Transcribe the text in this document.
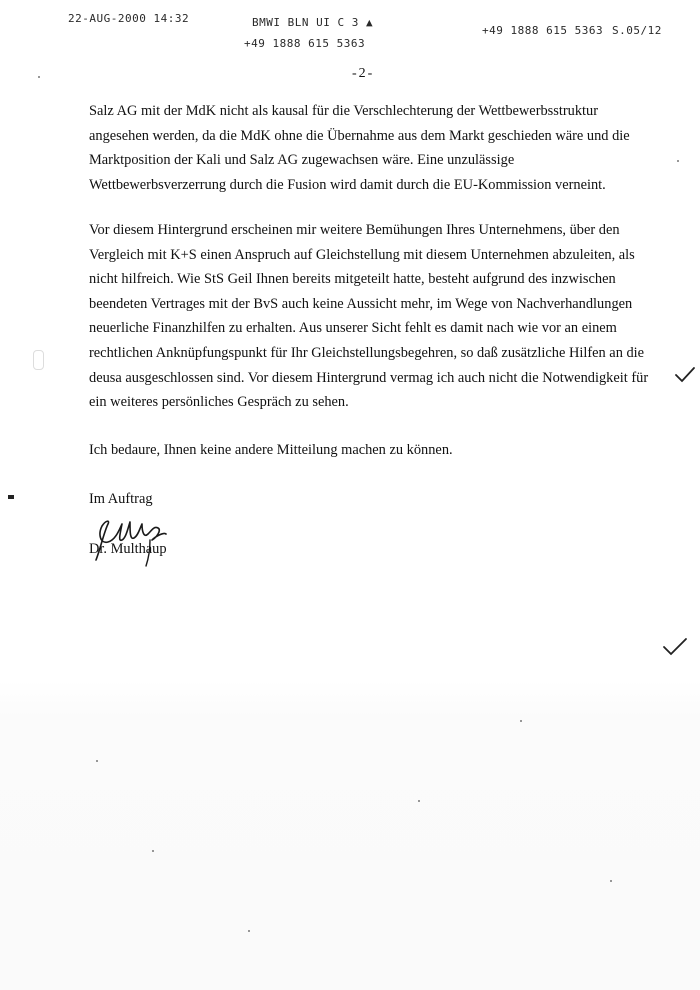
22-AUG-2000 14:32	BMWI BLN UI C 3 ▲
+49 1888 615 5363
+49 1888 615 5363 S.05/12
-2-

Salz AG mit der MdK nicht als kausal für die Verschlechterung der Wettbewerbsstruktur

angesehen werden, da die MdK ohne die Übernahme aus dem Markt geschieden wäre und die

Marktposition der Kali und Salz AG zugewachsen wäre. Eine unzulässige

Wettbewerbsverzerrung durch die Fusion wird damit durch die EU-Kommission verneint.

Vor diesem Hintergrund erscheinen mir weitere Bemühungen Ihres Unternehmens, über den

Vergleich mit K+S einen Anspruch auf Gleichstellung mit diesem Unternehmen abzuleiten, als

nicht hilfreich. Wie StS Geil Ihnen bereits mitgeteilt hatte, besteht aufgrund des inzwischen

beendeten Vertrages mit der BvS auch keine Aussicht mehr, im Wege von Nachverhandlungen

neuerliche Finanzhilfen zu erhalten. Aus unserer Sicht fehlt es damit nach wie vor an einem

rechtlichen Anknüpfungspunkt für Ihr Gleichstellungsbegehren, so daß zusätzliche Hilfen an die

deusa ausgeschlossen sind. Vor diesem Hintergrund vermag ich auch nicht die Notwendigkeit für

ein weiteres persönliches Gespräch zu sehen.

Ich bedaure, Ihnen keine andere Mitteilung machen zu können.

Im Auftrag

Dr. Multhaup
